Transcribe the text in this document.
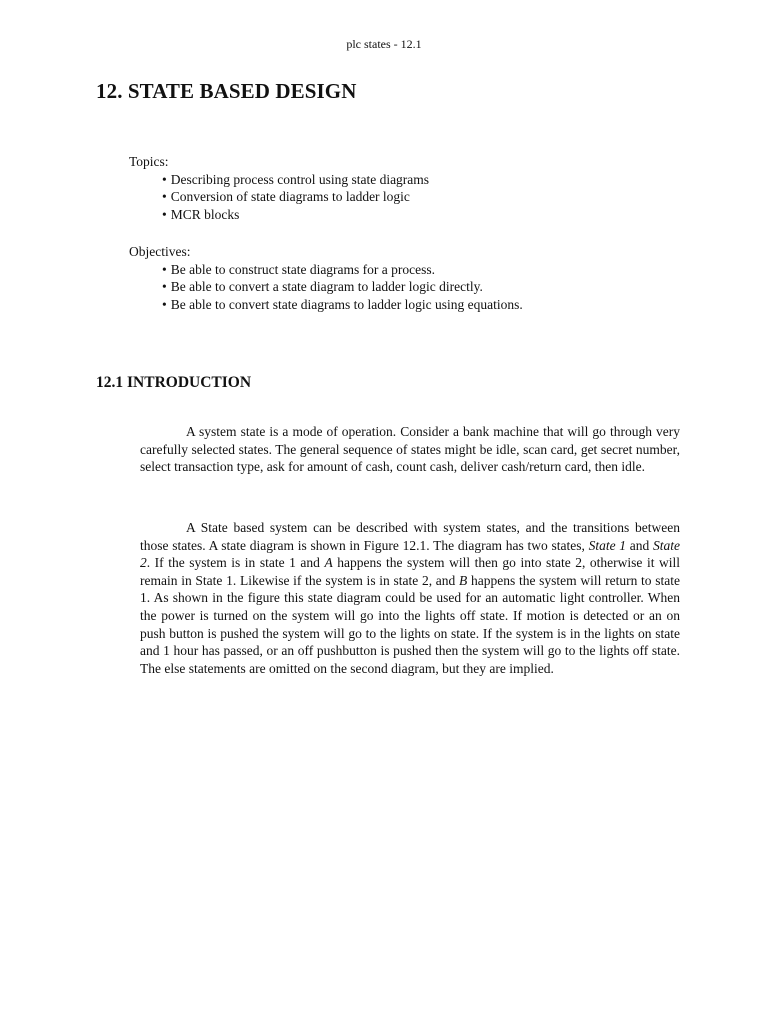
plc states - 12.1
12. STATE BASED DESIGN
Topics:
• Describing process control using state diagrams
• Conversion of state diagrams to ladder logic
• MCR blocks
Objectives:
• Be able to construct state diagrams for a process.
• Be able to convert a state diagram to ladder logic directly.
• Be able to convert state diagrams to ladder logic using equations.
12.1 INTRODUCTION

A system state is a mode of operation. Consider a bank machine that will go through very carefully selected states. The general sequence of states might be idle, scan card, get secret number, select transaction type, ask for amount of cash, count cash, deliver cash/return card, then idle.

A State based system can be described with system states, and the transitions between those states. A state diagram is shown in Figure 12.1. The diagram has two states, State 1 and State 2. If the system is in state 1 and A happens the system will then go into state 2, otherwise it will remain in State 1. Likewise if the system is in state 2, and B happens the system will return to state 1. As shown in the figure this state diagram could be used for an automatic light controller. When the power is turned on the system will go into the lights off state. If motion is detected or an on push button is pushed the system will go to the lights on state. If the system is in the lights on state and 1 hour has passed, or an off pushbutton is pushed then the system will go to the lights off state. The else statements are omitted on the second diagram, but they are implied.
